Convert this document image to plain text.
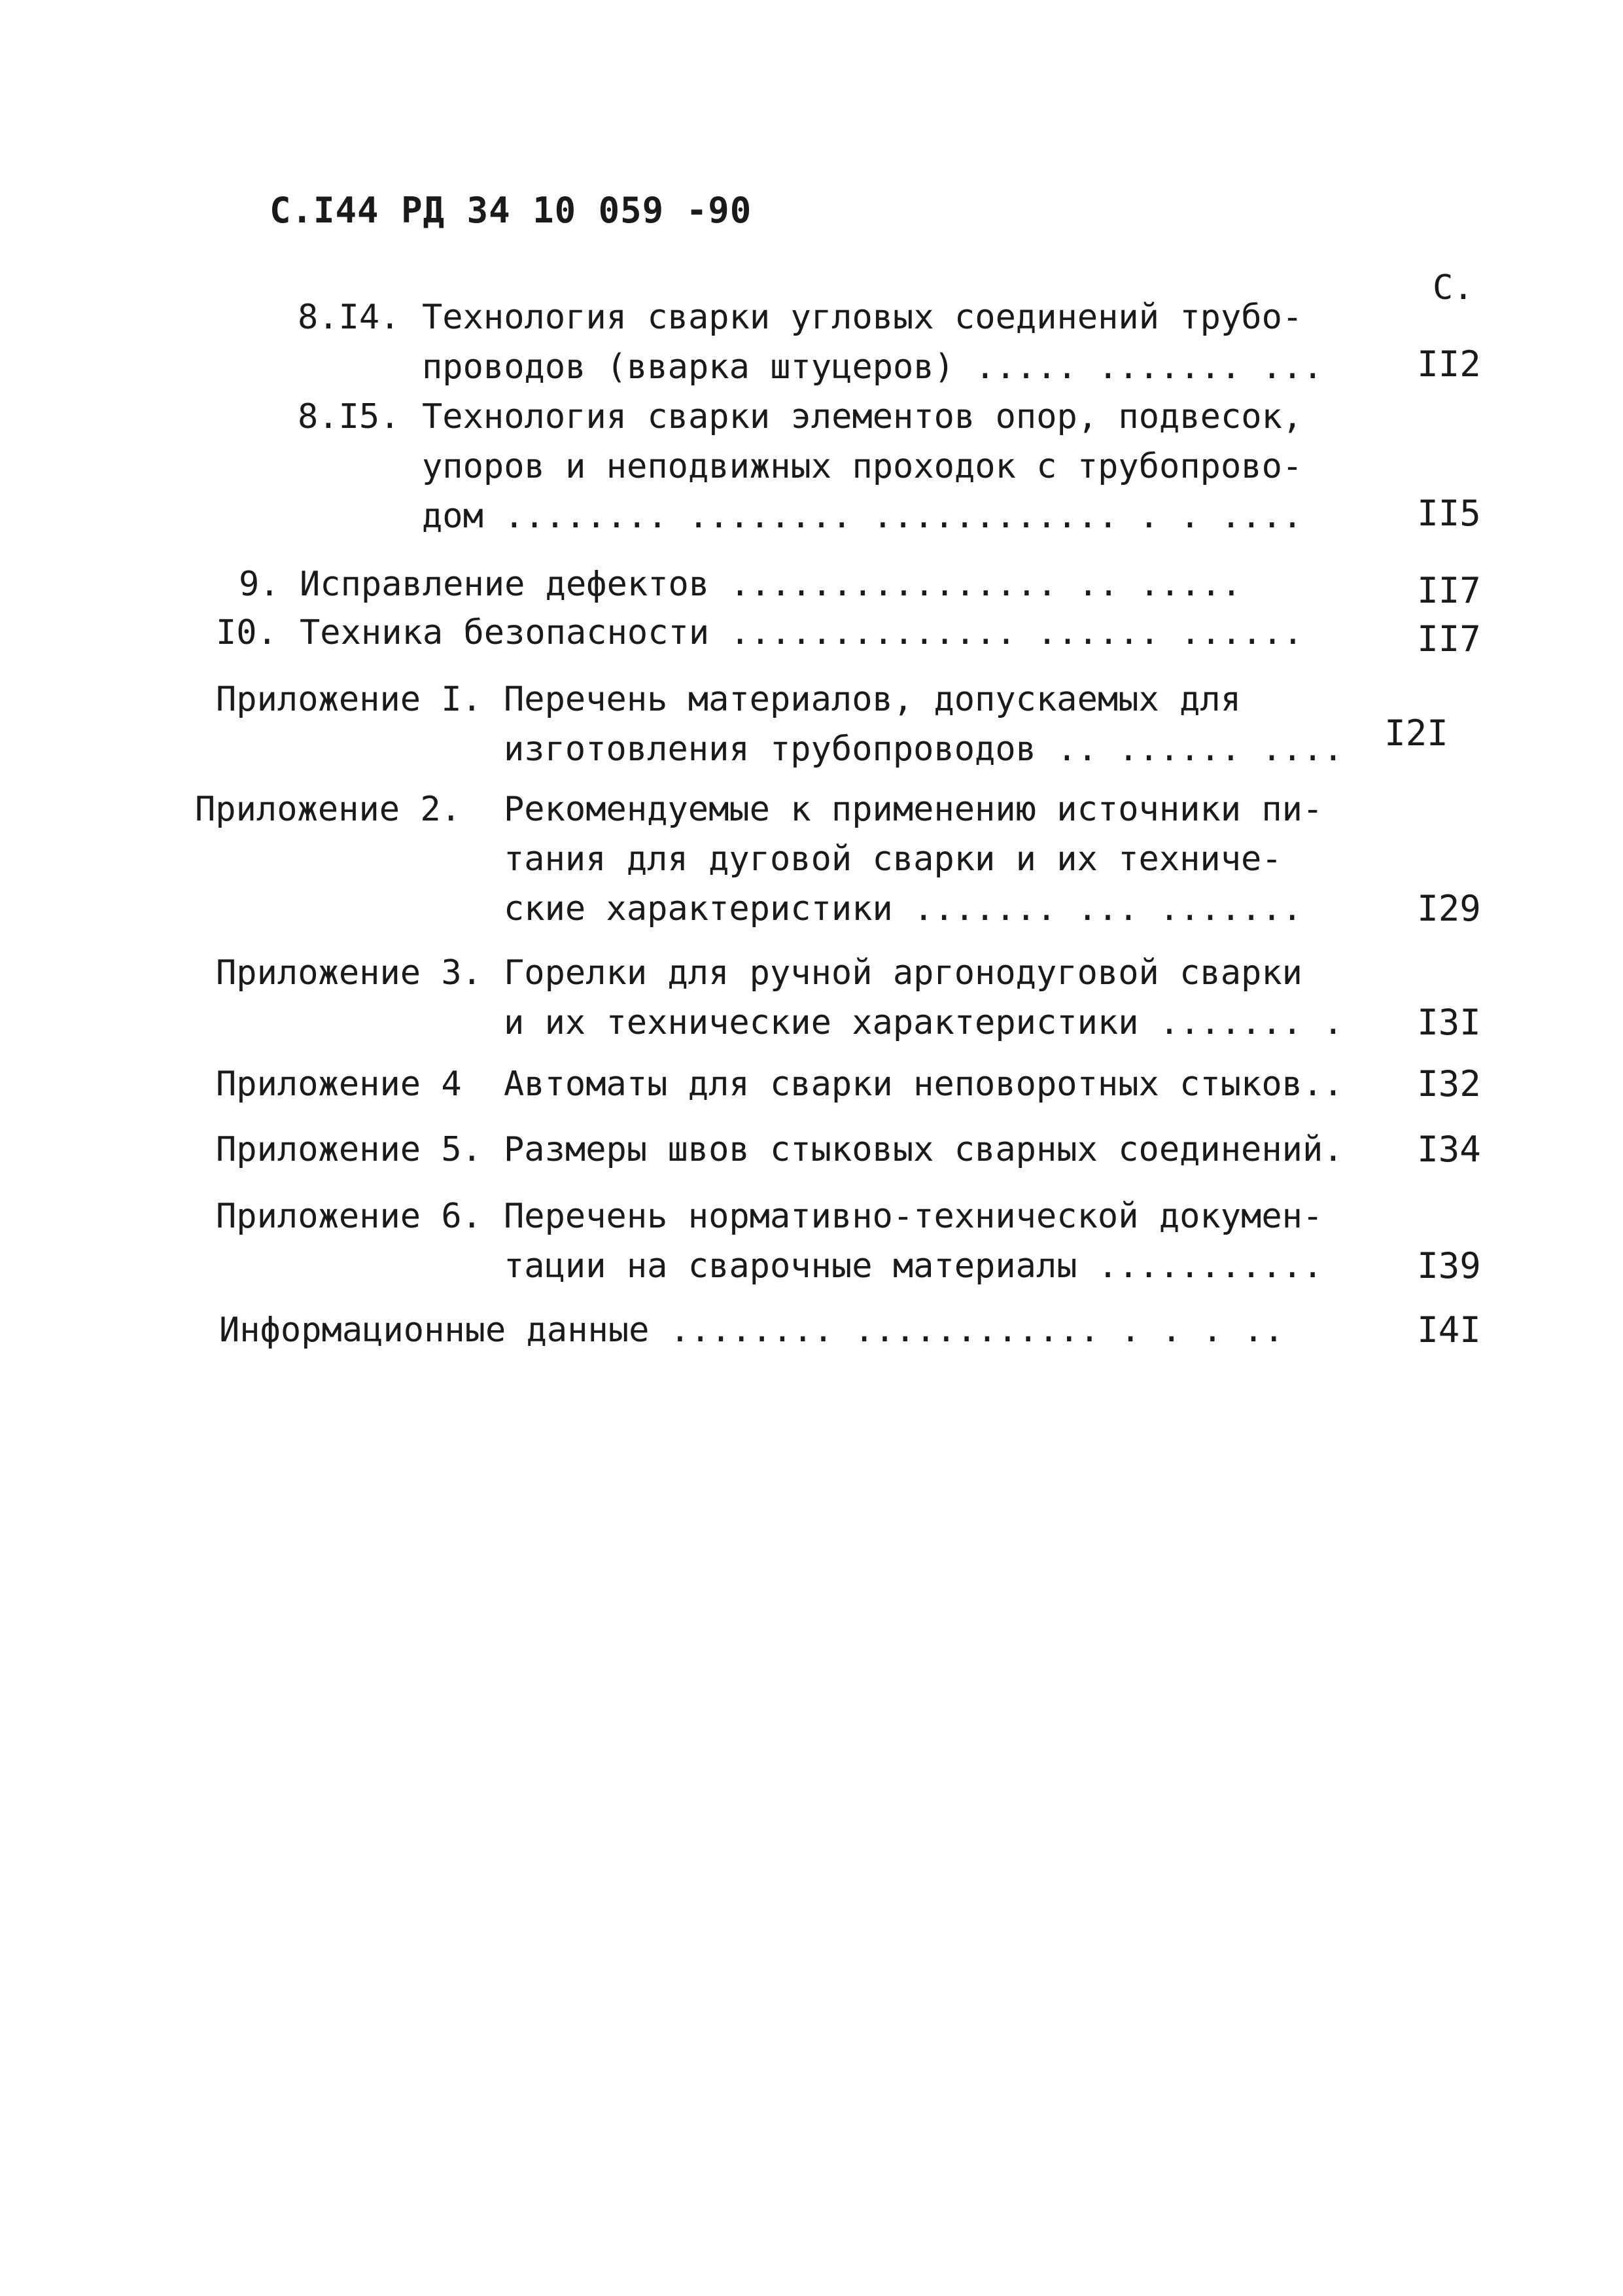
С.I44 РД 34 10 059 -90
С.
8.I4. Технология сварки угловых соединений трубо-
проводов (вварка штуцеров) ..... ....... ...	II2
8.I5. Технология сварки элементов опор, подвесок,
упоров и неподвижных проходок с трубопрово-
дом ........ ........ ............ . . ....	II5
9. Исправление дефектов ................ .. .....	II7
I0. Техника безопасности .............. ...... ......	II7
Приложение I. Перечень материалов, допускаемых для
изготовления трубопроводов .. ...... ....	I2I
Приложение 2. Рекомендуемые к применению источники пи-
тания для дуговой сварки и их техниче-
ские характеристики ....... ... .......	I29
Приложение 3. Горелки для ручной аргонодуговой сварки
и их технические характеристики ....... .	I3I
Приложение 4 Автоматы для сварки неповоротных стыков..	I32
Приложение 5. Размеры швов стыковых сварных соединений.	I34
Приложение 6. Перечень нормативно-технической докумен-
тации на сварочные материалы ...........	I39
Информационные данные ........ ............ . . . ..	I4I
